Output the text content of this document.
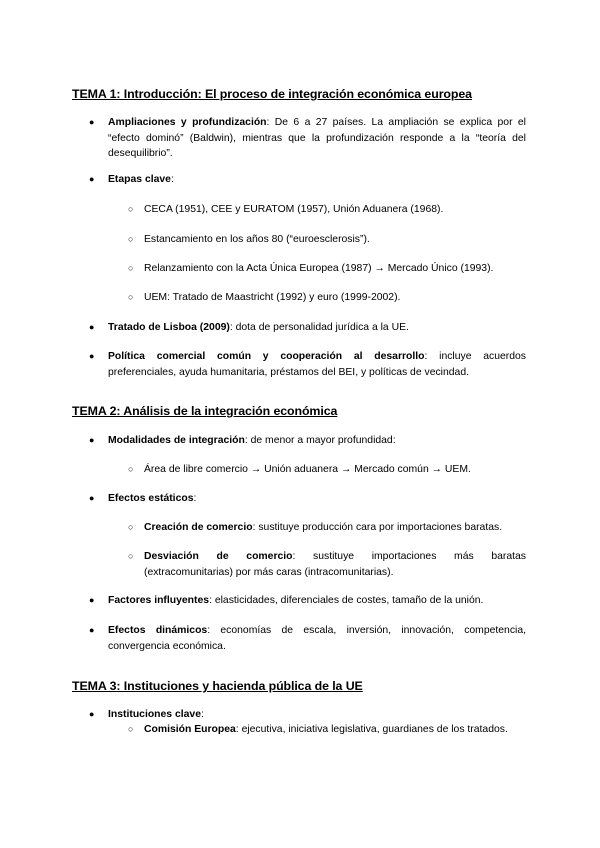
TEMA 1: Introducción: El proceso de integración económica europea
● Ampliaciones y profundización: De 6 a 27 países. La ampliación se explica por el “efecto dominó” (Baldwin), mientras que la profundización responde a la “teoría del desequilibrio”.
● Etapas clave:
○ CECA (1951), CEE y EURATOM (1957), Unión Aduanera (1968).
○ Estancamiento en los años 80 (“euroesclerosis”).
○ Relanzamiento con la Acta Única Europea (1987) → Mercado Único (1993).
○ UEM: Tratado de Maastricht (1992) y euro (1999-2002).
● Tratado de Lisboa (2009): dota de personalidad jurídica a la UE.
● Política comercial común y cooperación al desarrollo: incluye acuerdos preferenciales, ayuda humanitaria, préstamos del BEI, y políticas de vecindad.
TEMA 2: Análisis de la integración económica
● Modalidades de integración: de menor a mayor profundidad:
○ Área de libre comercio → Unión aduanera → Mercado común → UEM.
● Efectos estáticos:
○ Creación de comercio: sustituye producción cara por importaciones baratas.
○ Desviación de comercio: sustituye importaciones más baratas (extracomunitarias) por más caras (intracomunitarias).
● Factores influyentes: elasticidades, diferenciales de costes, tamaño de la unión.
● Efectos dinámicos: economías de escala, inversión, innovación, competencia, convergencia económica.
TEMA 3: Instituciones y hacienda pública de la UE
● Instituciones clave:
○ Comisión Europea: ejecutiva, iniciativa legislativa, guardianes de los tratados.
